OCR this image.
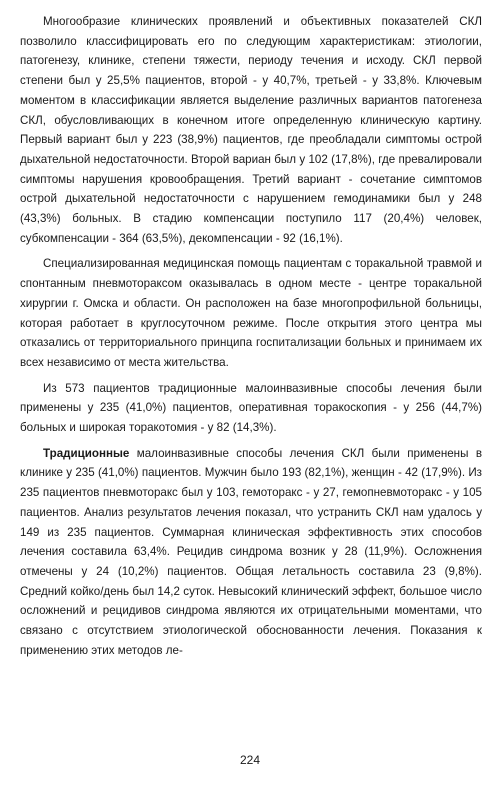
Многообразие клинических проявлений и объективных показателей СКЛ позволило классифицировать его по следующим характеристикам: этиологии, патогенезу, клинике, степени тяжести, периоду течения и исходу. СКЛ первой степени был у 25,5% пациентов, второй - у 40,7%, третьей - у 33,8%. Ключевым моментом в классификации является выделение различных вариантов патогенеза СКЛ, обусловливающих в конечном итоге определенную клиническую картину. Первый вариант был у 223 (38,9%) пациентов, где преобладали симптомы острой дыхательной недостаточности. Второй вариан был у 102 (17,8%), где превалировали симптомы нарушения кровообращения. Третий вариант - сочетание симптомов острой дыхательной недостаточности с нарушением гемодинамики был у 248 (43,3%) больных. В стадию компенсации поступило 117 (20,4%) человек, субкомпенсации - 364 (63,5%), декомпенсации - 92 (16,1%).

Специализированная медицинская помощь пациентам с торакальной травмой и спонтанным пневмотораксом оказывалась в одном месте - центре торакальной хирургии г. Омска и области. Он расположен на базе многопрофильной больницы, которая работает в круглосуточном режиме. После открытия этого центра мы отказались от территориального принципа госпитализации больных и принимаем их всех независимо от места жительства.

Из 573 пациентов традиционные малоинвазивные способы лечения были применены у 235 (41,0%) пациентов, оперативная торакоскопия - у 256 (44,7%) больных и широкая торакотомия - у 82 (14,3%).

Традиционные малоинвазивные способы лечения СКЛ были применены в клинике у 235 (41,0%) пациентов. Мужчин было 193 (82,1%), женщин - 42 (17,9%). Из 235 пациентов пневмоторакс был у 103, гемоторакс - у 27, гемопневмоторакс - у 105 пациентов. Анализ результатов лечения показал, что устранить СКЛ нам удалось у 149 из 235 пациентов. Суммарная клиническая эффективность этих способов лечения составила 63,4%. Рецидив синдрома возник у 28 (11,9%). Осложнения отмечены у 24 (10,2%) пациентов. Общая летальность составила 23 (9,8%). Средний койко/день был 14,2 суток. Невысокий клинический эффект, большое число осложнений и рецидивов синдрома являются их отрицательными моментами, что связано с отсутствием этиологической обоснованности лечения. Показания к применению этих методов ле-

224
